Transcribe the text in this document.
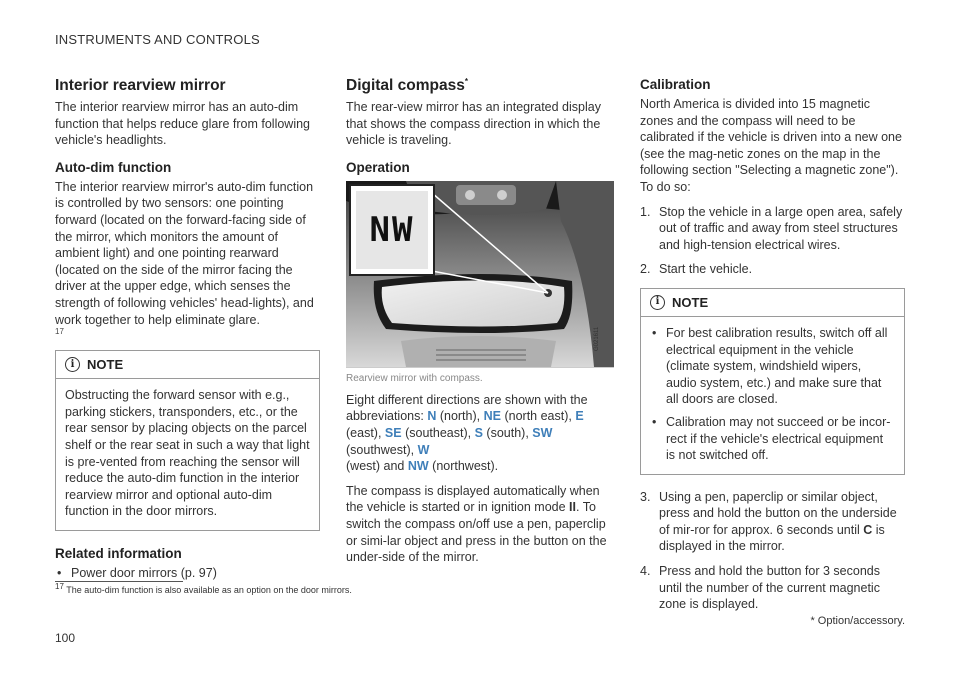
INSTRUMENTS AND CONTROLS
Interior rearview mirror

The interior rearview mirror has an auto-dim function that helps reduce glare from following vehicle's headlights.

Auto-dim function

The interior rearview mirror's auto-dim function is controlled by two sensors: one pointing forward (located on the forward-facing side of the mirror, which monitors the amount of ambient light) and one pointing rearward (located on the side of the mirror facing the driver at the upper edge, which senses the strength of following vehicles' head-lights), and work together to help eliminate glare.

17
i NOTE

Obstructing the forward sensor with e.g., parking stickers, transponders, etc., or the rear sensor by placing objects on the parcel shelf or the rear seat in such a way that light is pre-vented from reaching the sensor will reduce the auto-dim function in the interior rearview mirror and optional auto-dim function in the door mirrors.

Related information
• Power door mirrors (p. 97)
Digital compass*

The rear-view mirror has an integrated display that shows the compass direction in which the vehicle is traveling.

Operation
G021611
NW
Rearview mirror with compass.

Eight different directions are shown with the abbreviations: N (north), NE (north east), E (east), SE (southeast), S (south), SW (southwest), W
(west) and NW (northwest).

The compass is displayed automatically when the vehicle is started or in ignition mode II. To switch the compass on/off use a pen, paperclip or simi-lar object and press in the button on the under-side of the mirror.

Calibration

North America is divided into 15 magnetic zones and the compass will need to be calibrated if the vehicle is driven into a new one (see the mag-netic zones on the map in the following section "Selecting a magnetic zone"). To do so:

1. Stop the vehicle in a large open area, safely out of traffic and away from steel structures and high-tension electrical wires.
2. Start the vehicle.
i NOTE
• For best calibration results, switch off all electrical equipment in the vehicle (climate system, windshield wipers, audio system, etc.) and make sure that all doors are closed.
• Calibration may not succeed or be incor-rect if the vehicle's electrical equipment is not switched off.
3. Using a pen, paperclip or similar object, press and hold the button on the underside of mir-ror for approx. 6 seconds until C is displayed in the mirror.
4. Press and hold the button for 3 seconds until the number of the current magnetic zone is displayed.
17 The auto-dim function is also available as an option on the door mirrors.
* Option/accessory.
100
